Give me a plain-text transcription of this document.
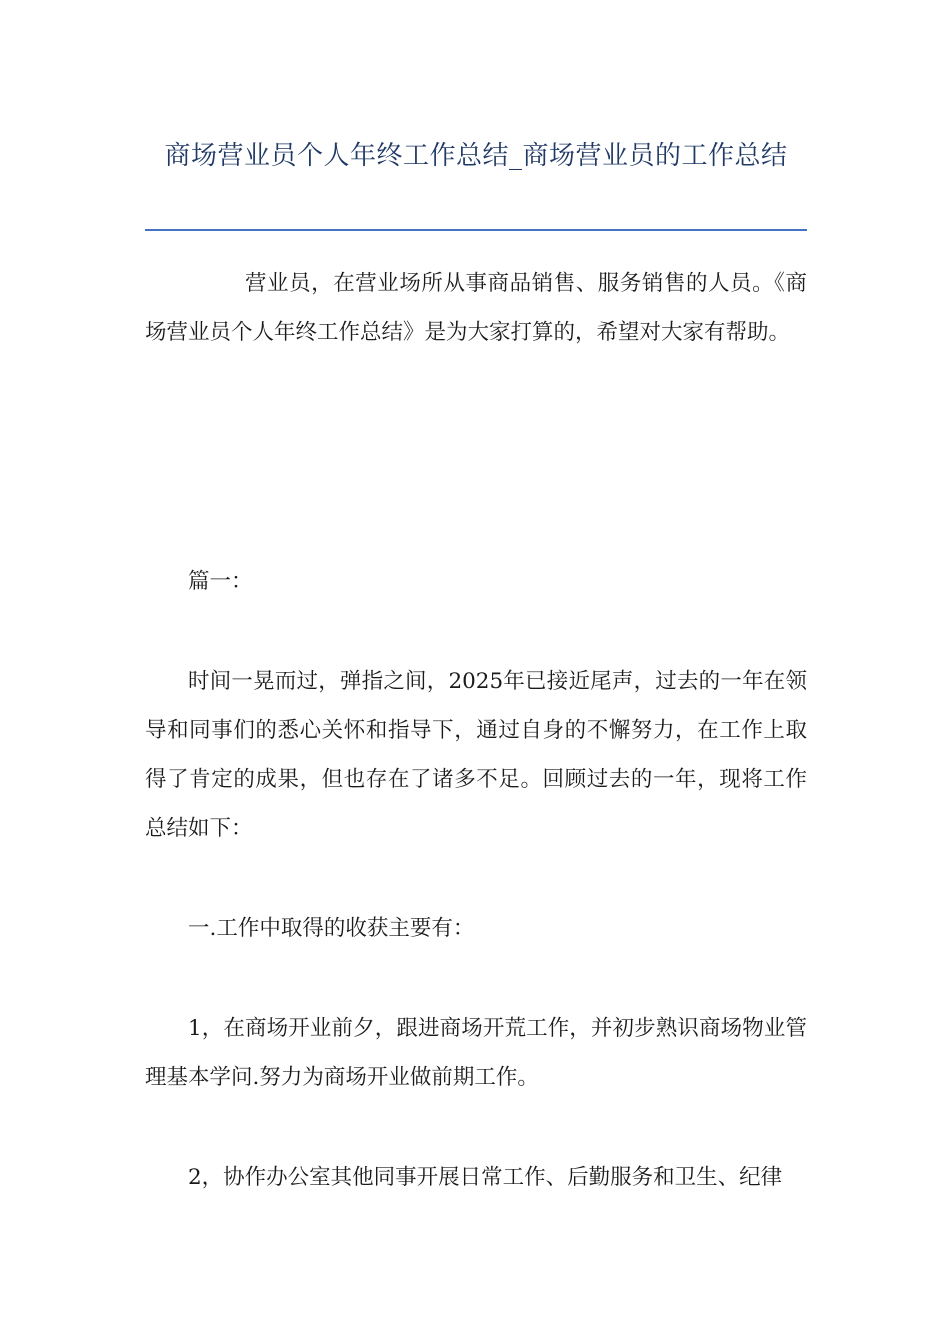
商场营业员个人年终工作总结_商场营业员的工作总结

营业员，在营业场所从事商品销售、服务销售的人员。《商场营业员个人年终工作总结》是为大家打算的，希望对大家有帮助。

篇一：

时间一晃而过，弹指之间，2025年已接近尾声，过去的一年在领导和同事们的悉心关怀和指导下，通过自身的不懈努力，在工作上取得了肯定的成果，但也存在了诸多不足。回顾过去的一年，现将工作总结如下：

一.工作中取得的收获主要有：

1，在商场开业前夕，跟进商场开荒工作，并初步熟识商场物业管理基本学问.努力为商场开业做前期工作。

2，协作办公室其他同事开展日常工作、后勤服务和卫生、纪律
